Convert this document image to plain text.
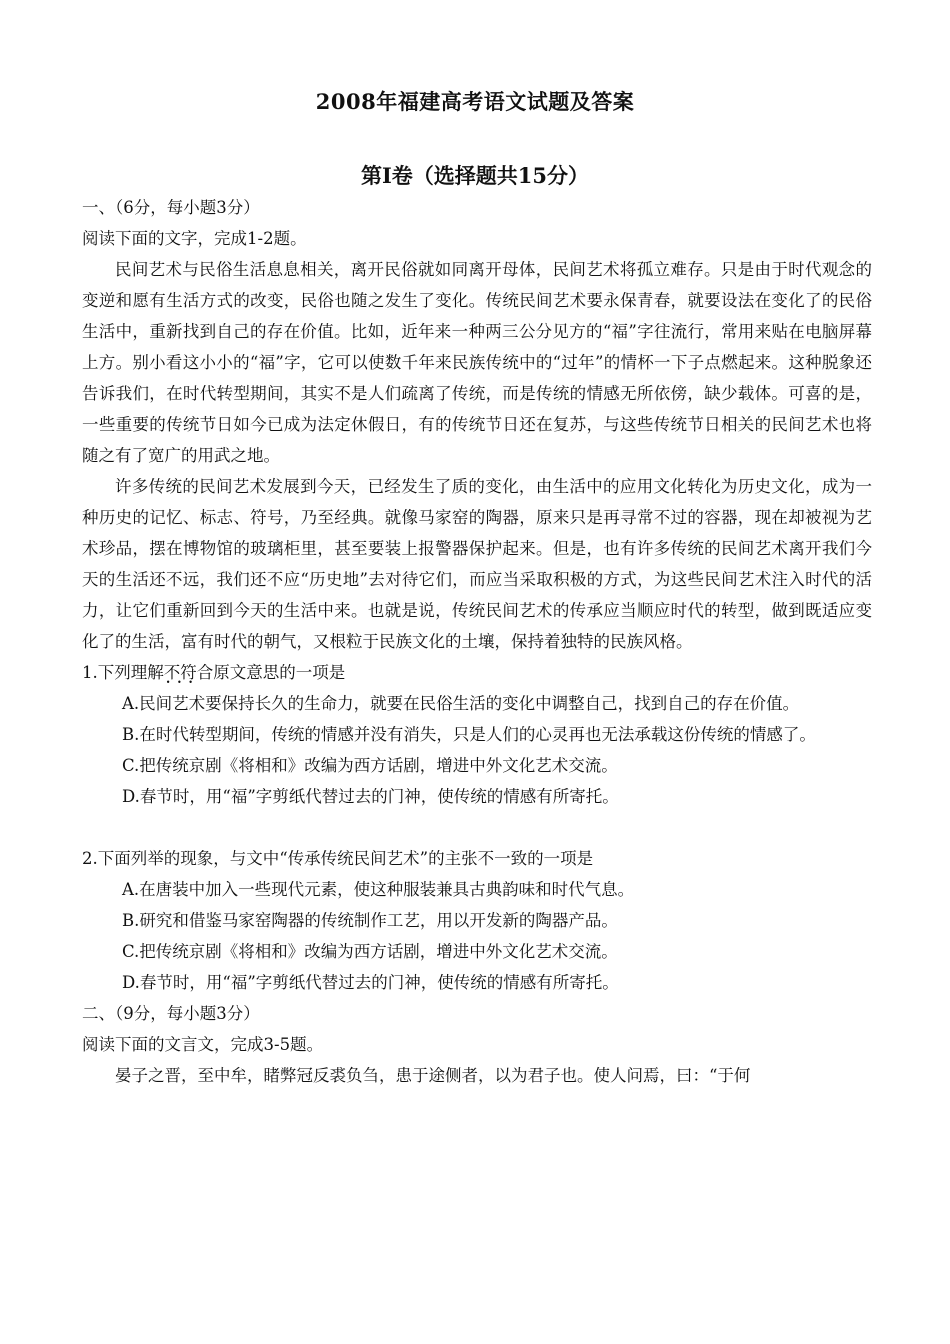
2008年福建高考语文试题及答案
第Ⅰ卷（选择题共15分）

一、（6分，每小题3分）

阅读下面的文字，完成1-2题。

民间艺术与民俗生活息息相关，离开民俗就如同离开母体，民间艺术将孤立难存。只是由于时代观念的变逆和愿有生活方式的改变，民俗也随之发生了变化。传统民间艺术要永保青春，就要设法在变化了的民俗生活中，重新找到自己的存在价值。比如，近年来一种两三公分见方的“福”字往流行，常用来贴在电脑屏幕上方。别小看这小小的“福”字，它可以使数千年来民族传统中的“过年”的情杯一下子点燃起来。这种脱象还告诉我们，在时代转型期间，其实不是人们疏离了传统，而是传统的情感无所依傍，缺少载体。可喜的是，一些重要的传统节日如今已成为法定休假日，有的传统节日还在复苏，与这些传统节日相关的民间艺术也将随之有了宽广的用武之地。

许多传统的民间艺术发展到今天，已经发生了质的变化，由生活中的应用文化转化为历史文化，成为一种历史的记忆、标志、符号，乃至经典。就像马家窑的陶器，原来只是再寻常不过的容器，现在却被视为艺术珍品，摆在博物馆的玻璃柜里，甚至要装上报警器保护起来。但是，也有许多传统的民间艺术离开我们今天的生活还不远，我们还不应“历史地”去对待它们，而应当采取积极的方式，为这些民间艺术注入时代的活力，让它们重新回到今天的生活中来。也就是说，传统民间艺术的传承应当顺应时代的转型，做到既适应变化了的生活，富有时代的朝气，又根粒于民族文化的土壤，保持着独特的民族风格。

1.下列理解不符合 • • •原文意思的一项是

A.民间艺术要保持长久的生命力，就要在民俗生活的变化中调整自己，找到自己的存在价值。

B.在时代转型期间，传统的情感并没有消失，只是人们的心灵再也无法承载这份传统的情感了。

C.把传统京剧《将相和》改编为西方话剧，增进中外文化艺术交流。

D.春节时，用“福”字剪纸代替过去的门神，使传统的情感有所寄托。

2.下面列举的现象，与文中“传承传统民间艺术”的主张不一致的一项是

A.在唐装中加入一些现代元素，使这种服装兼具古典韵味和时代气息。

B.研究和借鉴马家窑陶器的传统制作工艺，用以开发新的陶器产品。

C.把传统京剧《将相和》改编为西方话剧，增进中外文化艺术交流。

D.春节时，用“福”字剪纸代替过去的门神，使传统的情感有所寄托。

二、（9分，每小题3分）

阅读下面的文言文，完成3-5题。

晏子之晋，至中牟，睹弊冠反裘负刍，患于途侧者，以为君子也。使人问焉，曰：“于何
